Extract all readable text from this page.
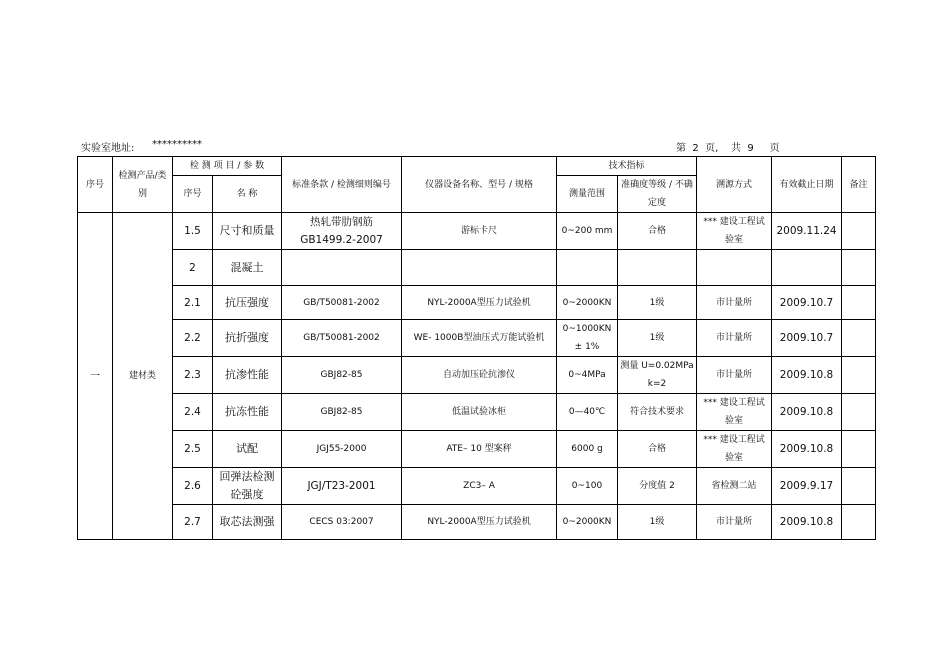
实验室地址: **********	第  2  页,    共  9     页
序号	检测产品/类别	检 测 项 目 / 参 数		标准条款 / 检测细则编号	仪器设备名称、型号 / 规格	技术指标		溯源方式	有效截止日期	备注
		序号	名 称			测量范围	准确度等级 / 不确定度			
一	建材类	1.5	尺寸和质量	热轧带肋钢筋 GB1499.2-2007	游标卡尺	0~200 mm	合格	*** 建设工程试验室	2009.11.24	
		2	混凝土							
		2.1	抗压强度	GB/T50081-2002	NYL-2000A型压力试验机	0~2000KN	1级	市计量所	2009.10.7	
		2.2	抗折强度	GB/T50081-2002	WE- 1000B型油压式万能试验机	0~1000KN ± 1%	1级	市计量所	2009.10.7	
		2.3	抗渗性能	GBJ82-85	自动加压砼抗渗仪	0~4MPa	测量 U=0.02MPa k=2	市计量所	2009.10.8	
		2.4	抗冻性能	GBJ82-85	低温试验冰柜	0—40℃	符合技术要求	*** 建设工程试验室	2009.10.8	
		2.5	试配	JGJ55-2000	ATE– 10 型案秤	6000 g	合格	*** 建设工程试验室	2009.10.8	
		2.6	回弹法检测砼强度	JGJ/T23-2001	ZC3– A	0~100	分度值 2	省检测二站	2009.9.17	
		2.7	取芯法测强	CECS 03:2007	NYL-2000A型压力试验机	0~2000KN	1级	市计量所	2009.10.8	
